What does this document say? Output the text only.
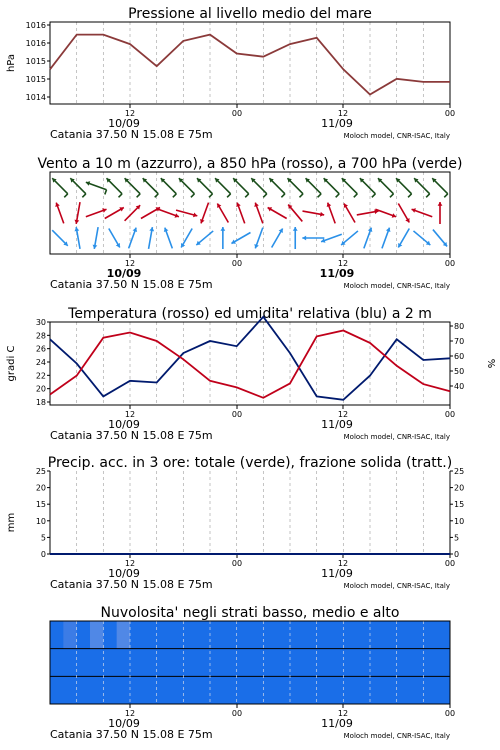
Pressione al livello medio del mare
12	00	12	00
10/09	11/09
Catania 37.50 N 15.08 E 75m	Moloch model, CNR-ISAC, Italy
1016
1016
1015
1015
1014
hPa
Vento a 10 m (azzurro), a 850 hPa (rosso), a 700 hPa (verde)
12	00	12	00
10/09	11/09
Catania 37.50 N 15.08 E 75m	Moloch model, CNR-ISAC, Italy
Temperatura (rosso) ed umidita' relativa (blu) a 2 m
12	00	12	00
10/09	11/09
Catania 37.50 N 15.08 E 75m	Moloch model, CNR-ISAC, Italy
30
28
26
24
22
20
18
80
70
60
50
40
gradi C	%
Precip. acc. in 3 ore: totale (verde), frazione solida (tratt.)
12	00	12	00
10/09	11/09
Catania 37.50 N 15.08 E 75m	Moloch model, CNR-ISAC, Italy
25
20
15
10
5
0
25
20
15
10
5
0
mm
Nuvolosita' negli strati basso, medio e alto
12	00	12	00
10/09	11/09
Catania 37.50 N 15.08 E 75m	Moloch model, CNR-ISAC, Italy
